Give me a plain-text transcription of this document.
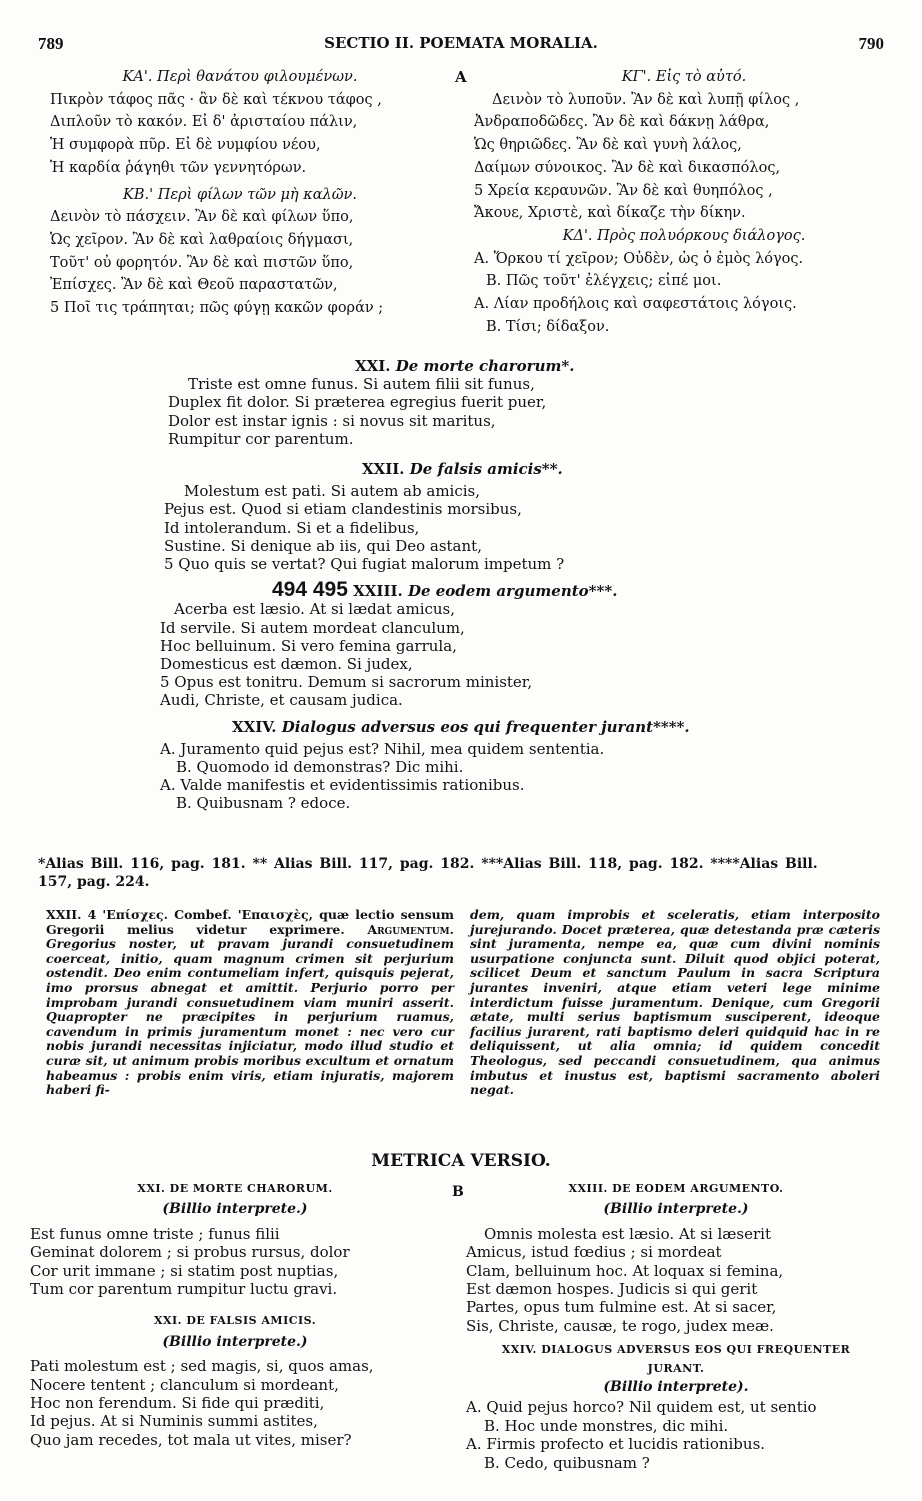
789	SECTIO II. POEMATA MORALIA.	790
ΚΑ'. Περὶ θανάτου φιλουμένων.
Πικρὸν τάφος πᾶς · ἂν δὲ καὶ τέκνου τάφος ,
Διπλοῦν τὸ κακόν. Εἰ δ' ἀρισταίου πάλιν,
Ἡ συμφορὰ πῦρ. Εἰ δὲ νυμφίου νέου,
Ἡ καρδία ῥάγηθι τῶν γεννητόρων.
ΚΒ.' Περὶ φίλων τῶν μὴ καλῶν.
Δεινὸν τὸ πάσχειν. Ἂν δὲ καὶ φίλων ὕπο,
Ὡς χεῖρον. Ἂν δὲ καὶ λαθραίοις δήγμασι,
Τοῦτ' οὐ φορητόν. Ἂν δὲ καὶ πιστῶν ὕπο,
Ἐπίσχες. Ἂν δὲ καὶ Θεοῦ παραστατῶν,
5 Ποῖ τις τράπηται; πῶς φύγῃ κακῶν φοράν ;
A	ΚΓ'. Εἰς τὸ αὐτό.
Δεινὸν τὸ λυποῦν. Ἂν δὲ καὶ λυπῇ φίλος ,
Ἀνδραποδῶδες. Ἂν δὲ καὶ δάκνῃ λάθρα,
Ὡς θηριῶδες. Ἂν δὲ καὶ γυνὴ λάλος,
Δαίμων σύνοικος. Ἂν δὲ καὶ δικασπόλος,
5 Χρεία κεραυνῶν. Ἂν δὲ καὶ θυηπόλος ,
Ἄκουε, Χριστὲ, καὶ δίκαζε τὴν δίκην.
ΚΔ'. Πρὸς πολυόρκους διάλογος.
A. Ὅρκου τί χεῖρον; Οὐδὲν, ὡς ὁ ἐμὸς λόγος.
B. Πῶς τοῦτ' ἐλέγχεις; εἰπέ μοι.
A. Λίαν προδήλοις καὶ σαφεστάτοις λόγοις.
B. Τίσι; δίδαξον.
XXI. De morte charorum*.
Triste est omne funus. Si autem filii sit funus,
Duplex fit dolor. Si præterea egregius fuerit puer,
Dolor est instar ignis : si novus sit maritus,
Rumpitur cor parentum.
XXII. De falsis amicis**.
Molestum est pati. Si autem ab amicis,
Pejus est. Quod si etiam clandestinis morsibus,
Id intolerandum. Si et a fidelibus,
Sustine. Si denique ab iis, qui Deo astant,
5 Quo quis se vertat? Qui fugiat malorum impetum ?
494 495 XXIII. De eodem argumento***.
Acerba est læsio. At si lædat amicus,
Id servile. Si autem mordeat clanculum,
Hoc belluinum. Si vero femina garrula,
Domesticus est dæmon. Si judex,
5 Opus est tonitru. Demum si sacrorum minister,
Audi, Christe, et causam judica.
XXIV. Dialogus adversus eos qui frequenter jurant****.
A. Juramento quid pejus est? Nihil, mea quidem sententia.
B. Quomodo id demonstras? Dic mihi.
A. Valde manifestis et evidentissimis rationibus.
B. Quibusnam ? edoce.
*Alias Bill. 116, pag. 181. ** Alias Bill. 117, pag. 182. ***Alias Bill. 118, pag. 182. ****Alias Bill.
157, pag. 224.
XXII. 4 'Επίσχες. Combef. 'Επαισχὲς, quæ lectio sensum Gregorii melius videtur exprimere. Argumentum. Gregorius noster, ut pravam jurandi consuetudinem coerceat, initio, quam magnum crimen sit perjurium ostendit. Deo enim contumeliam infert, quisquis pejerat, imo prorsus abnegat et amittit. Perjurio porro per improbam jurandi consuetudinem viam muniri asserit. Quapropter ne præcipites in perjurium ruamus, cavendum in primis juramentum monet : nec vero cur nobis jurandi necessitas injiciatur, modo illud studio et curæ sit, ut animum probis moribus excultum et ornatum habeamus : probis enim viris, etiam injuratis, majorem haberi fi-
dem, quam improbis et sceleratis, etiam interposito jurejurando. Docet præterea, quæ detestanda præ cæteris sint juramenta, nempe ea, quæ cum divini nominis usurpatione conjuncta sunt. Diluit quod objici poterat, scilicet Deum et sanctum Paulum in sacra Scriptura jurantes inveniri, atque etiam veteri lege minime interdictum fuisse juramentum. Denique, cum Gregorii ætate, multi serius baptismum susciperent, ideoque facilius jurarent, rati baptismo deleri quidquid hac in re deliquissent, ut alia omnia; id quidem concedit Theologus, sed peccandi consuetudinem, qua animus imbutus et inustus est, baptismi sacramento aboleri negat.
METRICA VERSIO.
B
XXI. DE MORTE CHARORUM.
(Billio interprete.)
Est funus omne triste ; funus filii
Geminat dolorem ; si probus rursus, dolor
Cor urit immane ; si statim post nuptias,
Tum cor parentum rumpitur luctu gravi.
XXI. DE FALSIS AMICIS.
(Billio interprete.)
Pati molestum est ; sed magis, si, quos amas,
Nocere tentent ; clanculum si mordeant,
Hoc non ferendum. Si fide qui præditi,
Id pejus. At si Numinis summi astites,
Quo jam recedes, tot mala ut vites, miser?
XXIII. DE EODEM ARGUMENTO.
(Billio interprete.)
Omnis molesta est læsio. At si læserit
Amicus, istud fœdius ; si mordeat
Clam, belluinum hoc. At loquax si femina,
Est dæmon hospes. Judicis si qui gerit
Partes, opus tum fulmine est. At si sacer,
Sis, Christe, causæ, te rogo, judex meæ.
XXIV. DIALOGUS ADVERSUS EOS QUI FREQUENTER JURANT.
(Billio interprete).
A. Quid pejus horco? Nil quidem est, ut sentio
B. Hoc unde monstres, dic mihi.
A. Firmis profecto et lucidis rationibus.
B. Cedo, quibusnam ?
